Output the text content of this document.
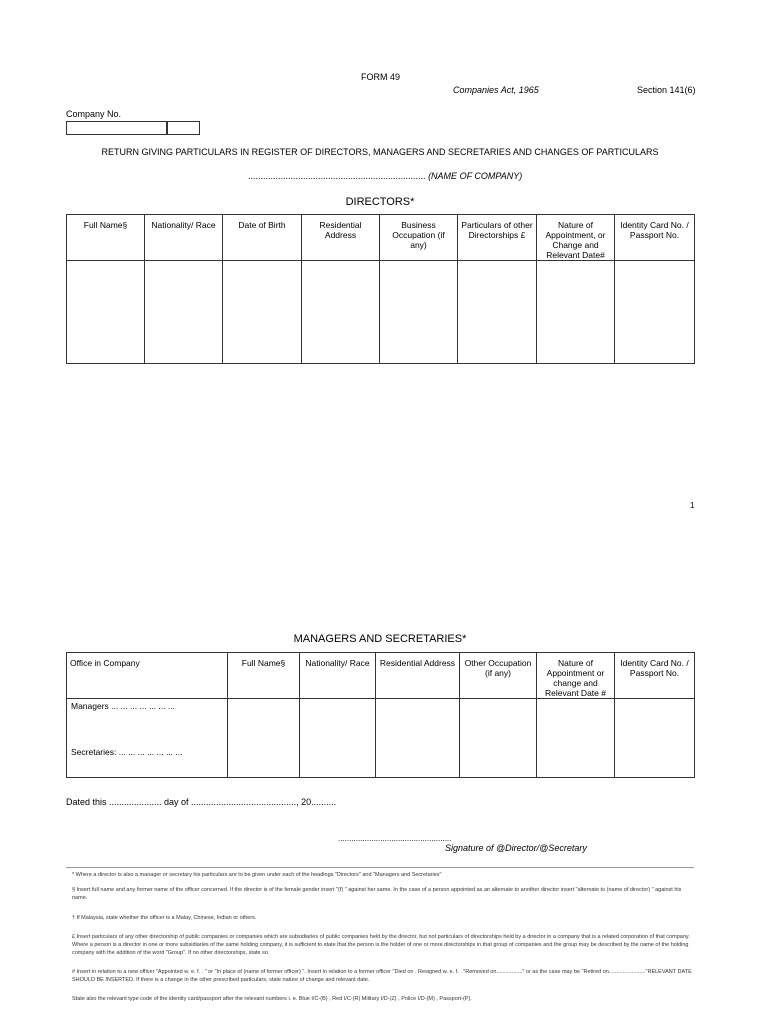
FORM 49
Companies Act, 1965	Section 141(6)
Company No.
RETURN GIVING PARTICULARS IN REGISTER OF DIRECTORS, MANAGERS AND SECRETARIES AND CHANGES OF PARTICULARS
....................................................................... (NAME OF COMPANY)
DIRECTORS*
Full Name§	Nationality/ Race	Date of Birth	Residential Address	Business Occupation (if any)	Particulars of other Directorships £	Nature of Appointment, or Change and Relevant Date#	Identity Card No. / Passport No.

1
MANAGERS AND SECRETARIES*
Office in Company	Full Name§	Nationality/ Race	Residential Address	Other Occupation (if any)	Nature of Appointment or change and Relevant Date #	Identity Card No. / Passport No.

Managers ... ... ... ... ... ... ...
Secretaries: ... ... ... ... ... ... ...						

Dated this ..................... day of .........................................., 20..........
...................................................
Signature of @Director/@Secretary
* Where a director is also a manager or secretary his particulars are to be given under each of the headings "Directors" and "Managers and Secretaries"
§ Insert full name and any former name of the officer concerned. If the director is of the female gender insert "(f) " against her same. In the case of a person appointed as an alternate to another director insert "alternate to (name of director) " against his name.
† If Malaysia, state whether the officer is a Malay, Chinese, Indian or others.
£ Insert particulars of any other directorship of public companies or companies which are subsidiaries of public companies held by the director, but not particulars of directorships held by a director in a company that is a related corporation of that company. Where a person is a director in one or more subsidiaries of the same holding company, it is sufficient to state that the person is the holder of one or more directorships in that group of companies and the group may be described by the name of the holding company with the addition of the word "Group". If no other directorships, state so.
# Insert in relation to a new officer "Appointed w. e. f. . " or "In place of (name of former officer) ". Insert in relation to a former officer "Died on . Resigned w. e. f. . "Removed on................." or as the case may be "Retired on........................"RELEVANT DATE SHOULD BE INSERTED. If there is a change in the other prescribed particulars, state nature of change and relevant date.
State also the relevant type code of the identity card/passport after the relevant numbers i. e. Blue I/C-(B) , Red I/C-(R) Military I/D-(Z) , Police I/D-(M) , Passport-(P).
